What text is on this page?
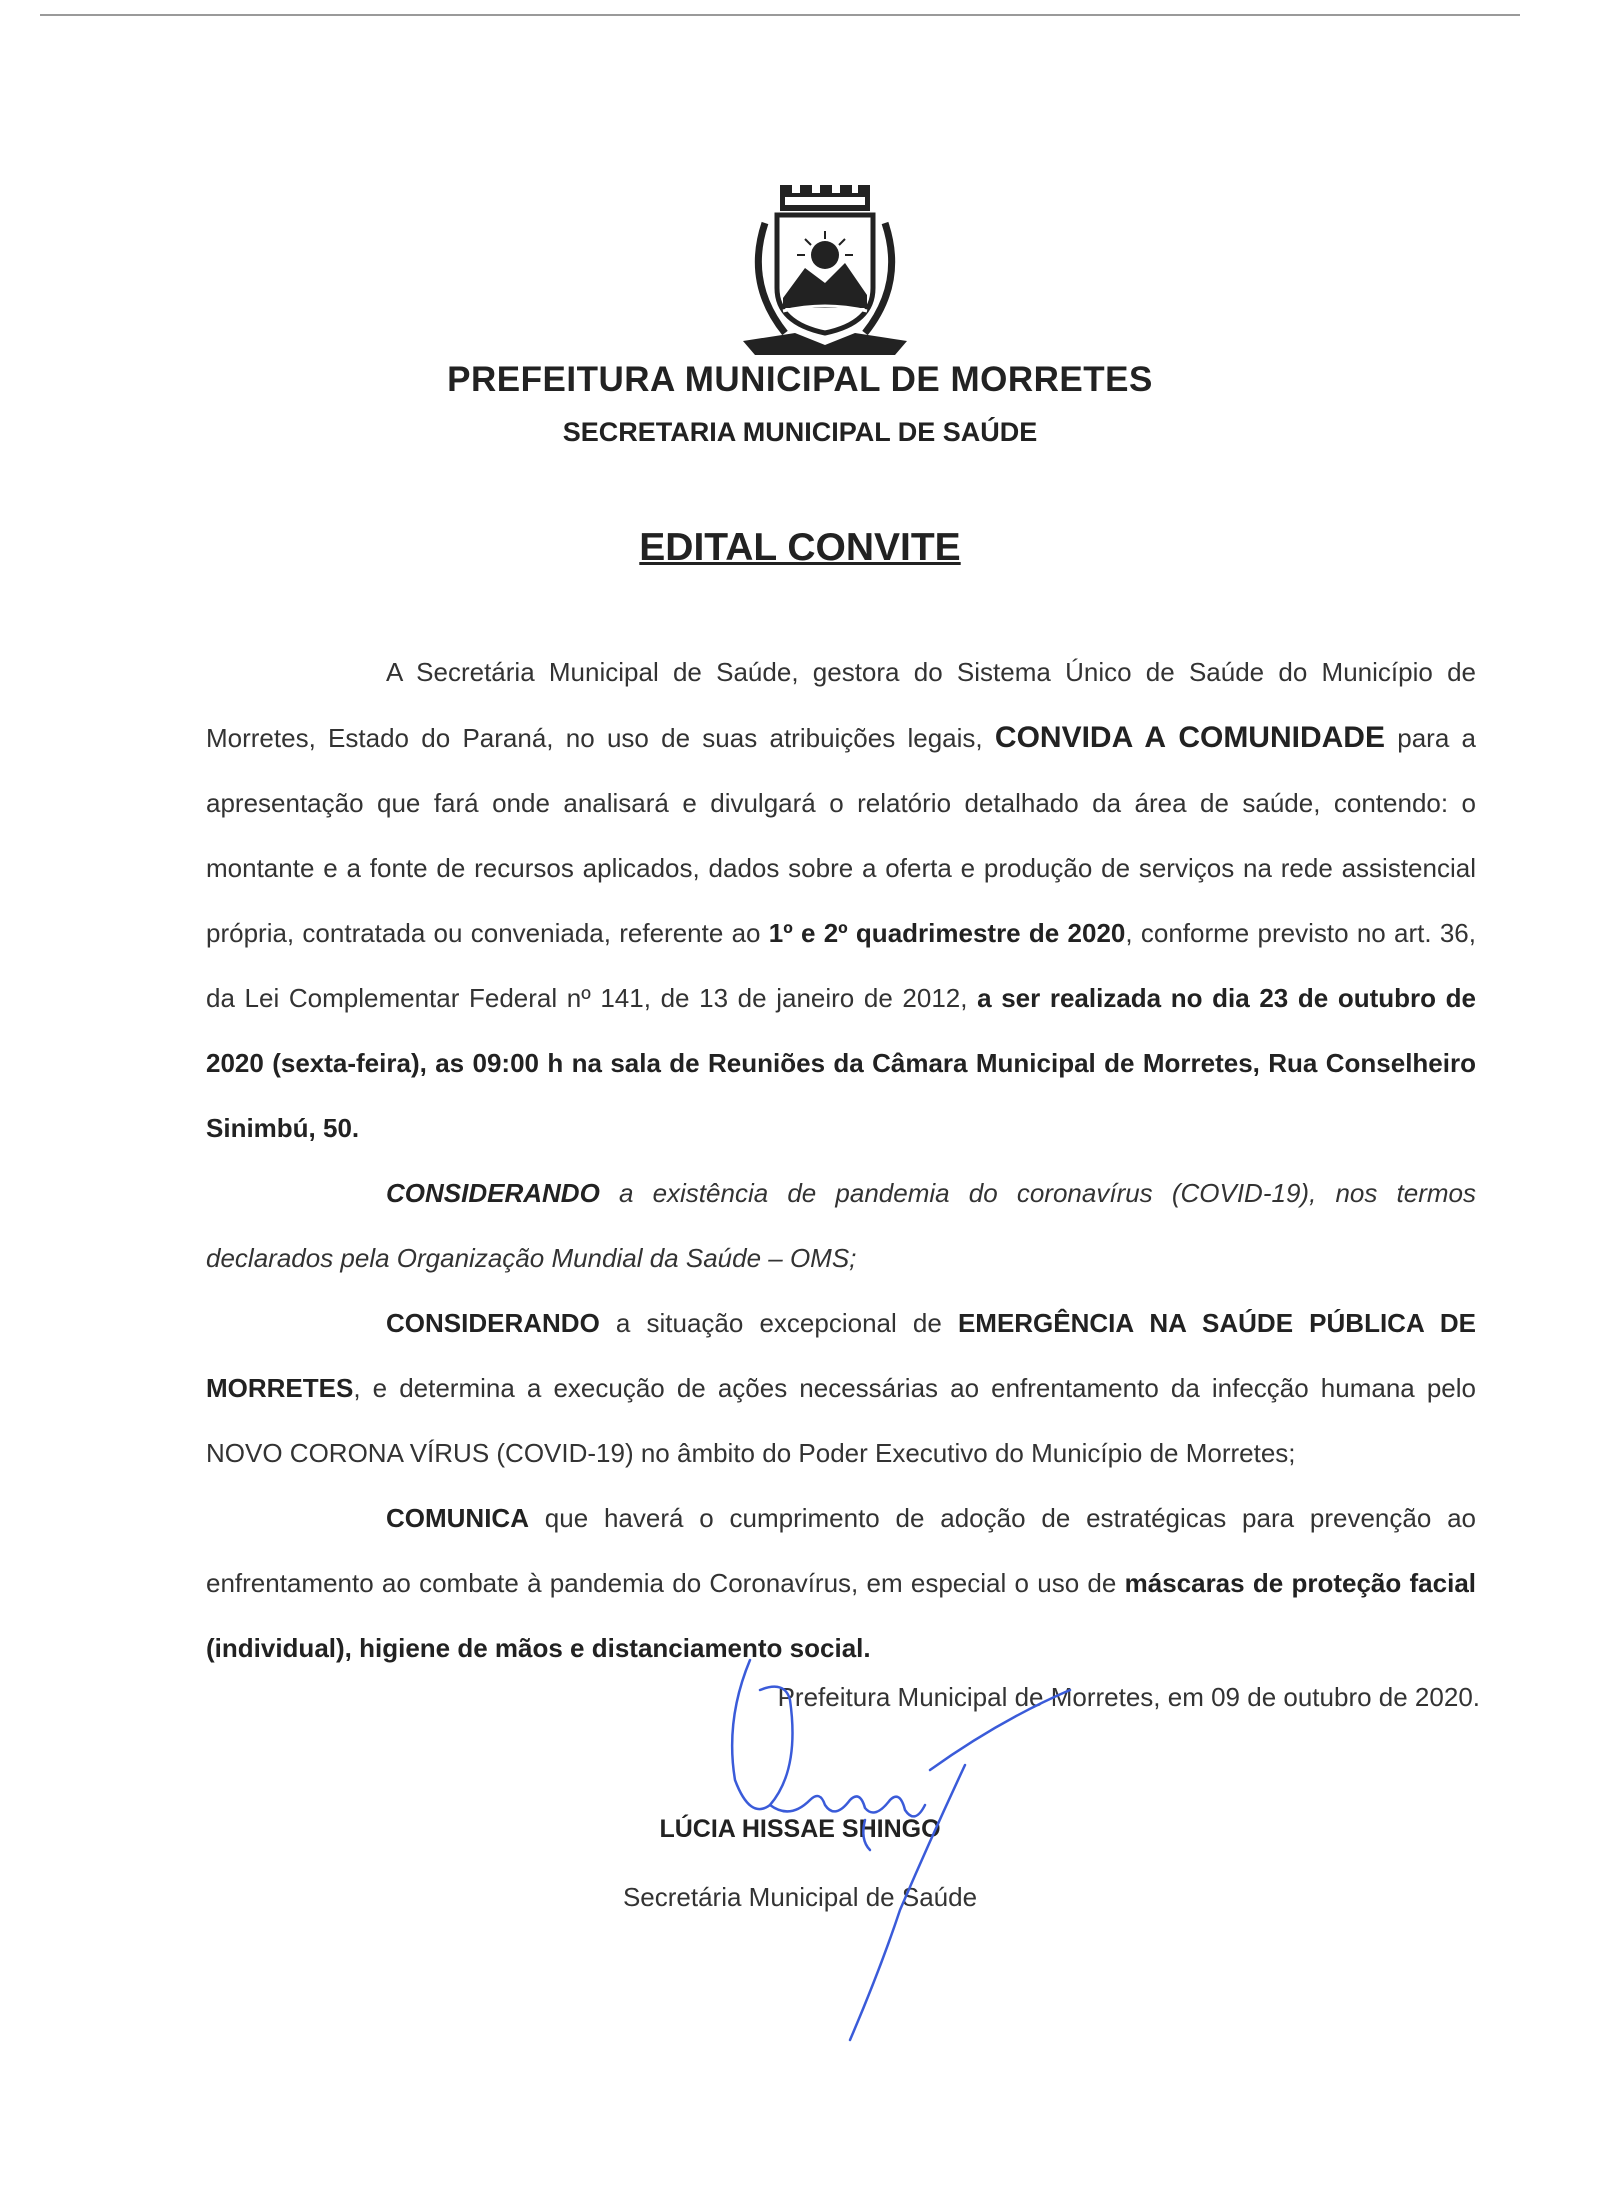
PREFEITURA MUNICIPAL DE MORRETES
SECRETARIA MUNICIPAL DE SAÚDE
EDITAL CONVITE

A Secretária Municipal de Saúde, gestora do Sistema Único de Saúde do Município de Morretes, Estado do Paraná, no uso de suas atribuições legais, CONVIDA A COMUNIDADE para a apresentação que fará onde analisará e divulgará o relatório detalhado da área de saúde, contendo: o montante e a fonte de recursos aplicados, dados sobre a oferta e produção de serviços na rede assistencial própria, contratada ou conveniada, referente ao 1º e 2º quadrimestre de 2020, conforme previsto no art. 36, da Lei Complementar Federal nº 141, de 13 de janeiro de 2012, a ser realizada no dia 23 de outubro de 2020 (sexta-feira), as 09:00 h na sala de Reuniões da Câmara Municipal de Morretes, Rua Conselheiro Sinimbú, 50.

CONSIDERANDO a existência de pandemia do coronavírus (COVID-19), nos termos declarados pela Organização Mundial da Saúde – OMS;

CONSIDERANDO a situação excepcional de EMERGÊNCIA NA SAÚDE PÚBLICA DE MORRETES, e determina a execução de ações necessárias ao enfrentamento da infecção humana pelo NOVO CORONA VÍRUS (COVID-19) no âmbito do Poder Executivo do Município de Morretes;

COMUNICA que haverá o cumprimento de adoção de estratégicas para prevenção ao enfrentamento ao combate à pandemia do Coronavírus, em especial o uso de máscaras de proteção facial (individual), higiene de mãos e distanciamento social.

Prefeitura Municipal de Morretes, em 09 de outubro de 2020.
LÚCIA HISSAE SHINGO
Secretária Municipal de Saúde
